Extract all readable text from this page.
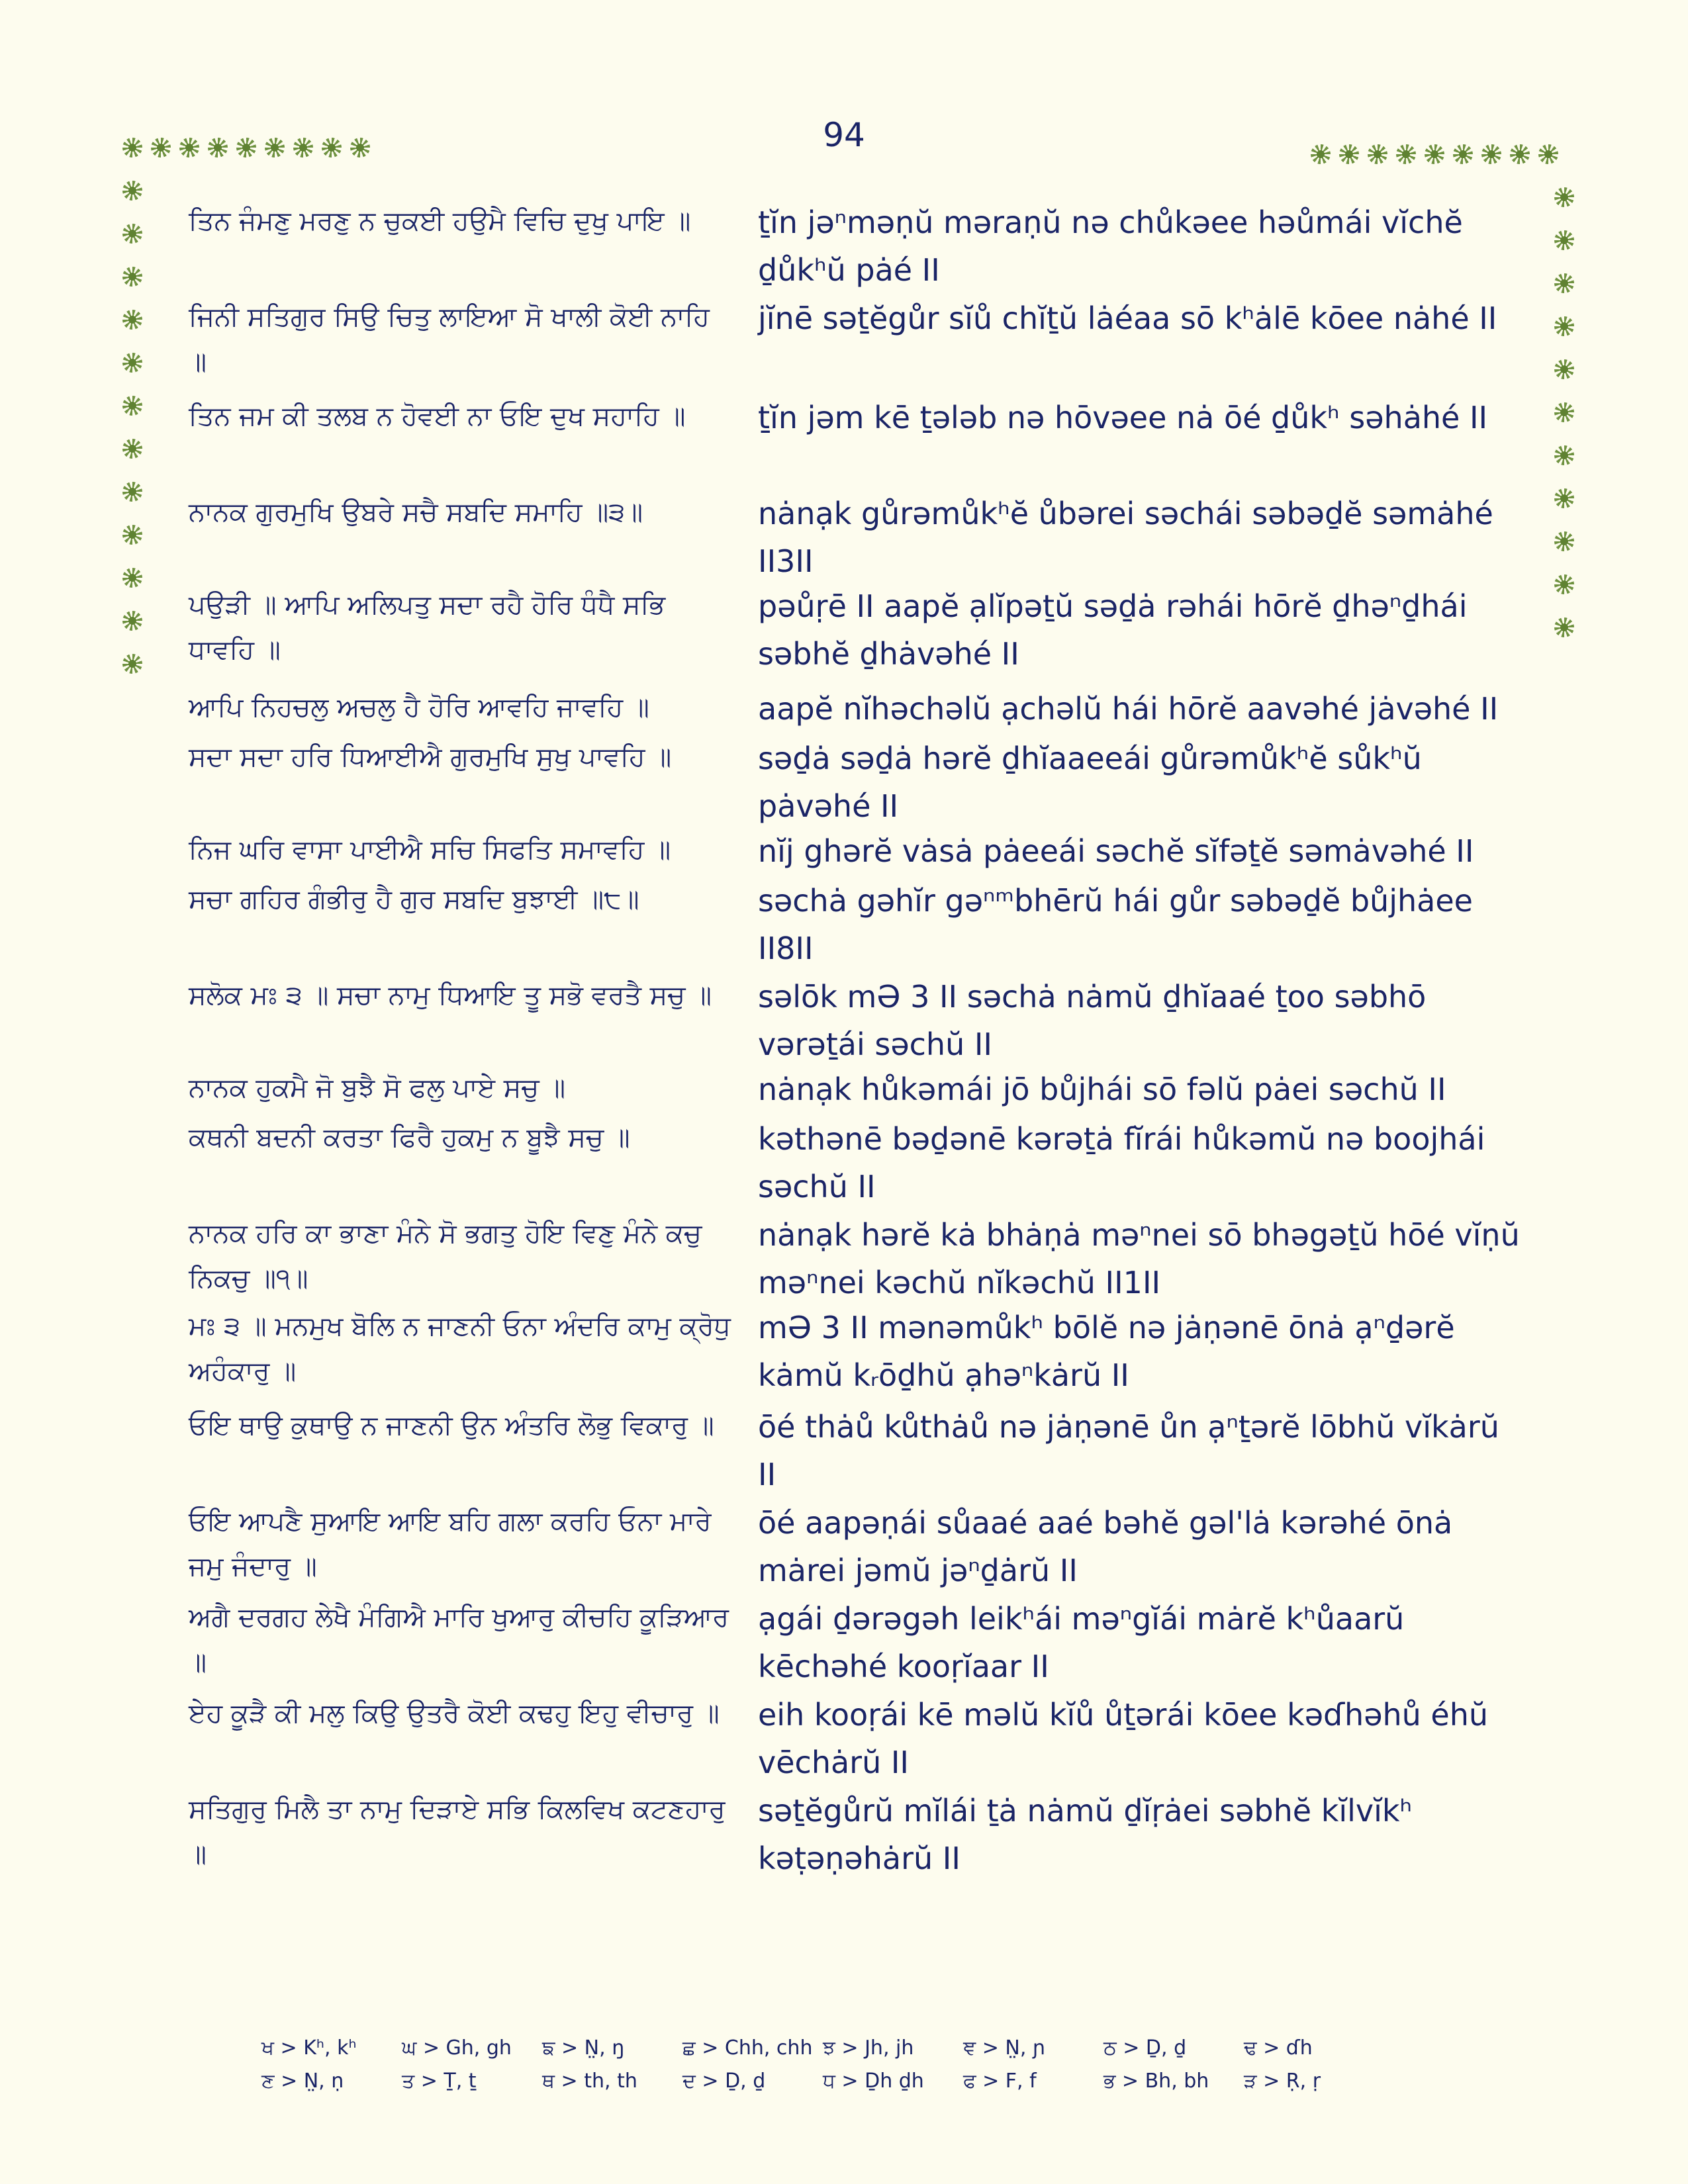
94
ਤਿਨ ਜੰਮਣੁ ਮਰਣੁ ਨ ਚੁਕਈ ਹਉਮੈ ਵਿਚਿ ਦੁਖੁ ਪਾਇ ॥	ṯĭn jəⁿməṇŭ məraṇŭ nə chůkəee həůmái vĭchĕ ḏůkʰŭ pȧé II
ਜਿਨੀ ਸਤਿਗੁਰ ਸਿਉ ਚਿਤੁ ਲਾਇਆ ਸੋ ਖਾਲੀ ਕੋਈ ਨਾਹਿ ॥
jĭnē səṯĕgůr sĭů chĭṯŭ lȧéaa sō kʰȧlē kōee nȧhé II
ਤਿਨ ਜਮ ਕੀ ਤਲਬ ਨ ਹੋਵਈ ਨਾ ਓਇ ਦੁਖ ਸਹਾਹਿ ॥	ṯĭn jəm kē ṯələb nə hōvəee nȧ ōé ḏůkʰ səhȧhé II
ਨਾਨਕ ਗੁਰਮੁਖਿ ਉਬਰੇ ਸਚੈ ਸਬਦਿ ਸਮਾਹਿ ॥੩॥	nȧnạk gůrəmůkʰĕ ůbərei səchái səbəḏĕ səmȧhé II3II
ਪਉੜੀ ॥ ਆਪਿ ਅਲਿਪਤੁ ਸਦਾ ਰਹੈ ਹੋਰਿ ਧੰਧੈ ਸਭਿ ਧਾਵਹਿ ॥
pəůṛē II aapĕ ạlĭpəṯŭ səḏȧ rəhái hōrĕ ḏhəⁿḏhái səbhĕ ḏhȧvəhé II
ਆਪਿ ਨਿਹਚਲੁ ਅਚਲੁ ਹੈ ਹੋਰਿ ਆਵਹਿ ਜਾਵਹਿ ॥	aapĕ nĭhəchəlŭ ạchəlŭ hái hōrĕ aavəhé jȧvəhé II
ਸਦਾ ਸਦਾ ਹਰਿ ਧਿਆਈਐ ਗੁਰਮੁਖਿ ਸੁਖੁ ਪਾਵਹਿ ॥	səḏȧ səḏȧ hərĕ ḏhĭaaeeái gůrəmůkʰĕ sůkʰŭ pȧvəhé II
ਨਿਜ ਘਰਿ ਵਾਸਾ ਪਾਈਐ ਸਚਿ ਸਿਫਤਿ ਸਮਾਵਹਿ ॥	nĭj ghərĕ vȧsȧ pȧeeái səchĕ sĭfəṯĕ səmȧvəhé II
ਸਚਾ ਗਹਿਰ ਗੰਭੀਰੁ ਹੈ ਗੁਰ ਸਬਦਿ ਬੁਝਾਈ ॥੮॥	səchȧ gəhĭr gəⁿᵐbhērŭ hái gůr səbəḏĕ bůjhȧee II8II
ਸਲੋਕ ਮਃ ੩ ॥ ਸਚਾ ਨਾਮੁ ਧਿਆਇ ਤੂ ਸਭੋ ਵਰਤੈ ਸਚੁ ॥	səlōk mƏ 3 II səchȧ nȧmŭ ḏhĭaaé ṯoo səbhō vərəṯái səchŭ II
ਨਾਨਕ ਹੁਕਮੈ ਜੋ ਬੁਝੈ ਸੋ ਫਲੁ ਪਾਏ ਸਚੁ ॥	nȧnạk hůkəmái jō bůjhái sō fəlŭ pȧei səchŭ II
ਕਥਨੀ ਬਦਨੀ ਕਰਤਾ ਫਿਰੈ ਹੁਕਮੁ ਨ ਬੂਝੈ ਸਚੁ ॥	kəthənē bəḏənē kərəṯȧ fĭrái hůkəmŭ nə boojhái səchŭ II
ਨਾਨਕ ਹਰਿ ਕਾ ਭਾਣਾ ਮੰਨੇ ਸੋ ਭਗਤੁ ਹੋਇ ਵਿਣੁ ਮੰਨੇ ਕਚੁ ਨਿਕਚੁ ॥੧॥
nȧnạk hərĕ kȧ bhȧṇȧ məⁿnei sō bhəgəṯŭ hōé vĭṇŭ məⁿnei kəchŭ nĭkəchŭ II1II
ਮਃ ੩ ॥ ਮਨਮੁਖ ਬੋਲਿ ਨ ਜਾਣਨੀ ਓਨਾ ਅੰਦਰਿ ਕਾਮੁ ਕ੍ਰੋਧੁ ਅਹੰਕਾਰੁ ॥
mƏ 3 II mənəmůkʰ bōlĕ nə jȧṇənē ōnȧ ạⁿḏərĕ kȧmŭ kᵣōḏhŭ ạhəⁿkȧrŭ II
ਓਇ ਥਾਉ ਕੁਥਾਉ ਨ ਜਾਣਨੀ ਉਨ ਅੰਤਰਿ ਲੋਭੁ ਵਿਕਾਰੁ ॥	ōé thȧů kůthȧů nə jȧṇənē ůn ạⁿṯərĕ lōbhŭ vĭkȧrŭ II
ਓਇ ਆਪਣੈ ਸੁਆਇ ਆਇ ਬਹਿ ਗਲਾ ਕਰਹਿ ਓਨਾ ਮਾਰੇ ਜਮੁ ਜੰਦਾਰੁ ॥
ōé aapəṇái sůaaé aaé bəhĕ gəl'lȧ kərəhé ōnȧ mȧrei jəmŭ jəⁿḏȧrŭ II
ਅਗੈ ਦਰਗਹ ਲੇਖੈ ਮੰਗਿਐ ਮਾਰਿ ਖੁਆਰੁ ਕੀਚਹਿ ਕੂੜਿਆਰ ॥
ạgái ḏərəgəh leikʰái məⁿgĭái mȧrĕ kʰůaarŭ kēchəhé kooṛĭaar II
ਏਹ ਕੂੜੈ ਕੀ ਮਲੁ ਕਿਉ ਉਤਰੈ ਕੋਈ ਕਢਹੁ ਇਹੁ ਵੀਚਾਰੁ ॥	eih kooṛái kē məlŭ kĭů ůṯərái kōee kəɗhəhů éhŭ vēchȧrŭ II
ਸਤਿਗੁਰੁ ਮਿਲੈ ਤਾ ਨਾਮੁ ਦਿੜਾਏ ਸਭਿ ਕਿਲਵਿਖ ਕਟਣਹਾਰੁ ॥
səṯĕgůrŭ mĭlái ṯȧ nȧmŭ ḏĭṛȧei səbhĕ kĭlvĭkʰ kəṭəṇəhȧrŭ II
ਖ > Kʰ, kʰ	ਘ > Gh, gh	ਙ > N̤, ŋ	ਛ > Chh, chh ਝ > Jh, jh	ਞ > N̤, ɲ	ਠ > Ḏ, ḏ	ਢ > ɗh
ਣ > N̤, ṇ	ਤ > Ṯ, ṯ	ਥ > th, th	ਦ > Ḏ, ḏ	ਧ > Ḏh ḏh	ਫ > F, f	ਭ > Bh, bh	ੜ > Ṛ, ṛ
